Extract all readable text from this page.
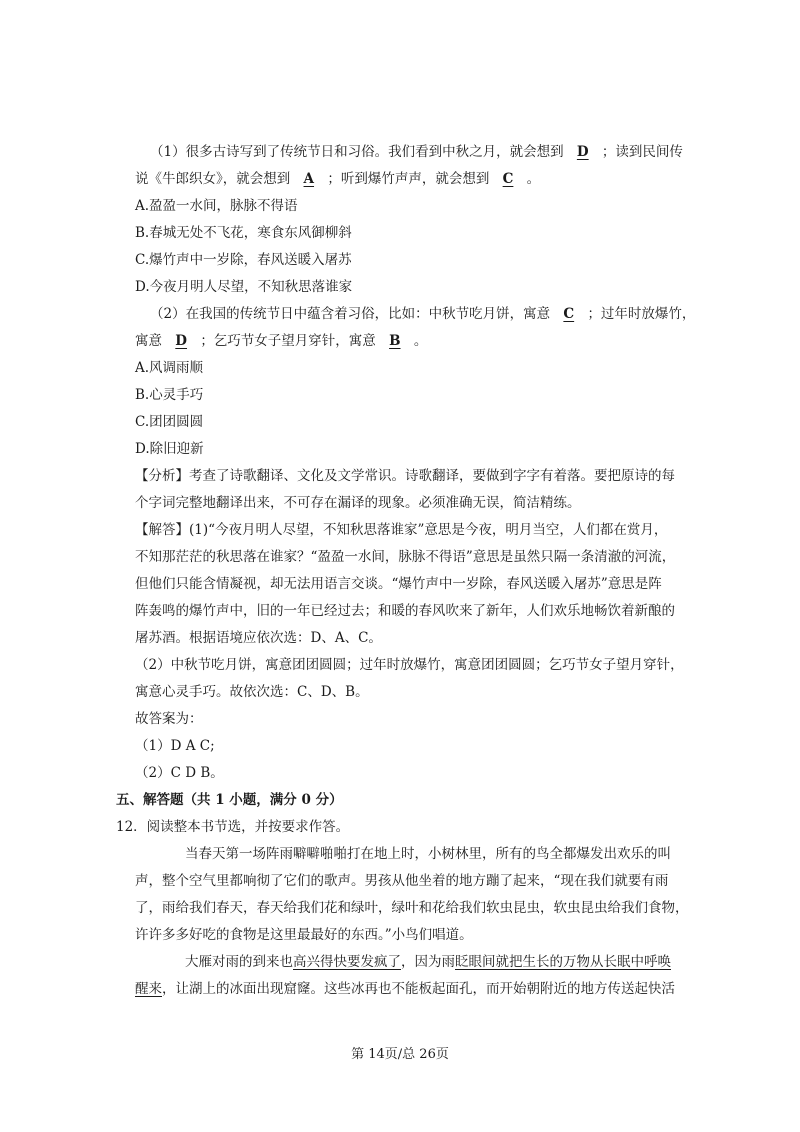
（1）很多古诗写到了传统节日和习俗。我们看到中秋之月，就会想到 D ；读到民间传
说《牛郎织女》，就会想到 A ；听到爆竹声声，就会想到 C 。
A.盈盈一水间，脉脉不得语
B.春城无处不飞花，寒食东风御柳斜
C.爆竹声中一岁除，春风送暖入屠苏
D.今夜月明人尽望，不知秋思落谁家
（2）在我国的传统节日中蕴含着习俗，比如：中秋节吃月饼，寓意 C ；过年时放爆竹，
寓意 D ；乞巧节女子望月穿针，寓意 B 。
A.风调雨顺
B.心灵手巧
C.团团圆圆
D.除旧迎新
【分析】考查了诗歌翻译、文化及文学常识。诗歌翻译，要做到字字有着落。要把原诗的每
个字词完整地翻译出来，不可存在漏译的现象。必须准确无误，简洁精练。
【解答】(1)“今夜月明人尽望，不知秋思落谁家”意思是今夜，明月当空，人们都在赏月，
不知那茫茫的秋思落在谁家？“盈盈一水间，脉脉不得语”意思是虽然只隔一条清澈的河流，
但他们只能含情凝视，却无法用语言交谈。“爆竹声中一岁除，春风送暖入屠苏”意思是阵
阵轰鸣的爆竹声中，旧的一年已经过去；和暖的春风吹来了新年，人们欢乐地畅饮着新酿的
屠苏酒。根据语境应依次选：D、A、C。
（2）中秋节吃月饼，寓意团团圆圆；过年时放爆竹，寓意团团圆圆；乞巧节女子望月穿针，
寓意心灵手巧。故依次选：C、D、B。
故答案为：
（1）D A C;
（2）C D B。
五、解答题（共 1 小题，满分 0 分）
12．阅读整本书节选，并按要求作答。
当春天第一场阵雨噼噼啪啪打在地上时，小树林里，所有的鸟全都爆发出欢乐的叫
声，整个空气里都响彻了它们的歌声。男孩从他坐着的地方蹦了起来，“现在我们就要有雨
了，雨给我们春天，春天给我们花和绿叶，绿叶和花给我们软虫昆虫，软虫昆虫给我们食物，
许许多多好吃的食物是这里最最好的东西。”小鸟们唱道。
大雁对雨的到来也高兴得快要发疯了，因为雨眨眼间就把生长的万物从长眠中呼唤
醒来，让湖上的冰面出现窟窿。这些冰再也不能板起面孔，而开始朝附近的地方传送起快活
第 14页/总 26页
